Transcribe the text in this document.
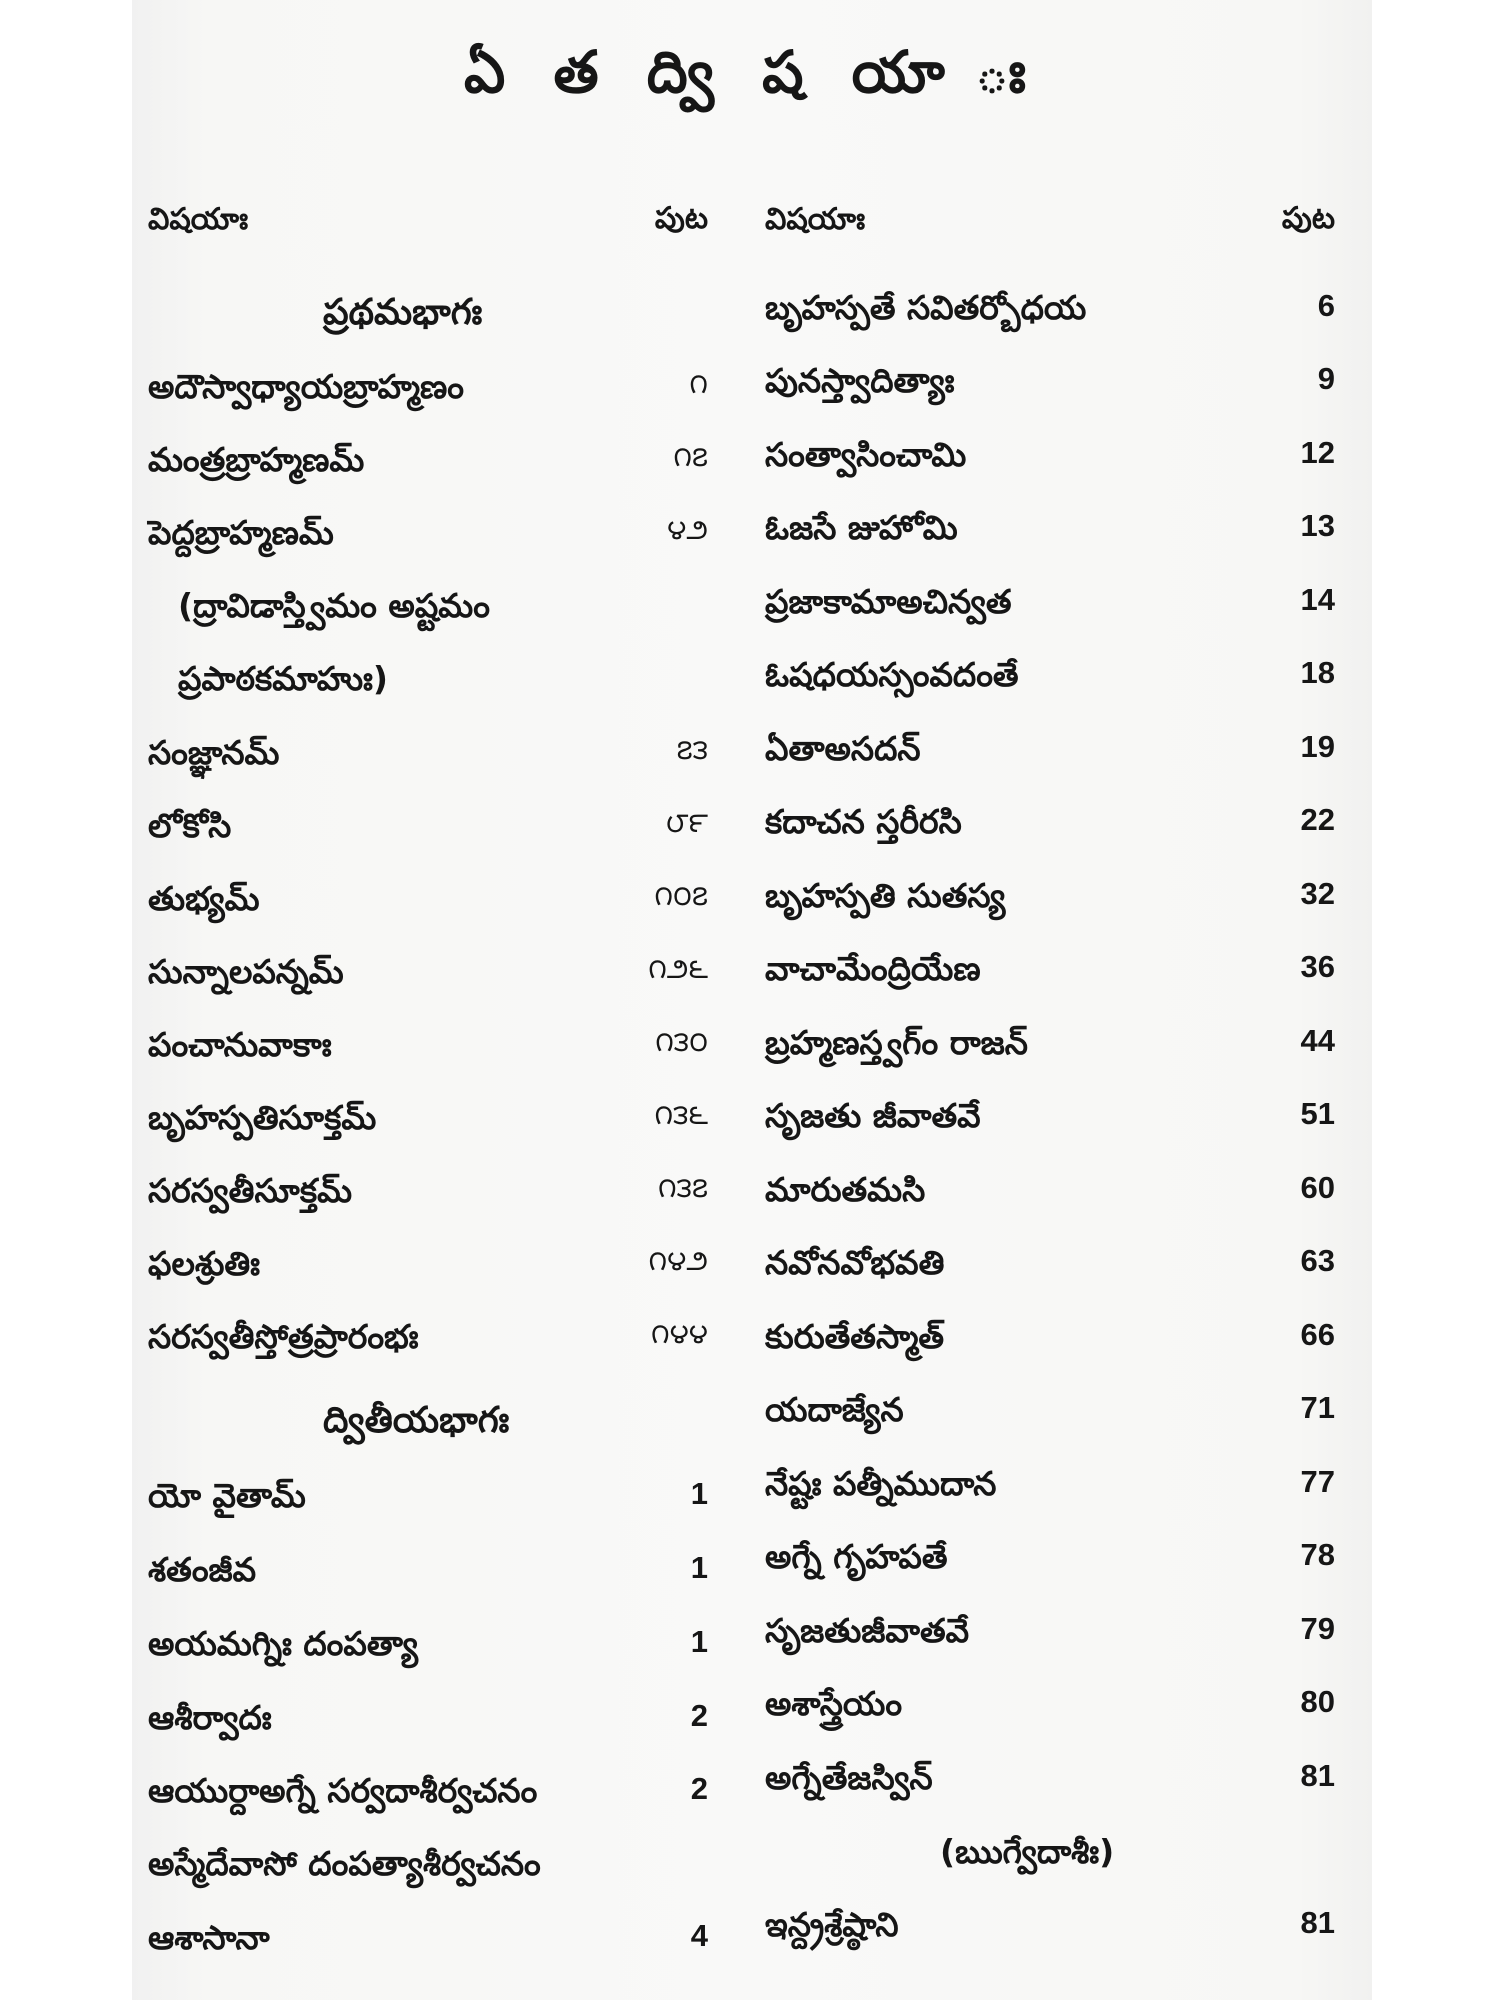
ఏ త ద్వి ష యా ః
విషయాః	పుట
ప్రథమభాగః
అదౌస్వాధ్యాయబ్రాహ్మణం	౧
మంత్రబ్రాహ్మణమ్	౧౭
పెద్దబ్రాహ్మణమ్	౪౨
(ద్రావిడాస్త్విమం అష్టమం
ప్రపాఠకమాహుః)
సంజ్ఞానమ్	౭౩
లోకోసి	౮౯
తుభ్యమ్	౧౦౭
సున్నాలపన్నమ్	౧౨౬
పంచానువాకాః	౧౩౦
బృహస్పతిసూక్తమ్	౧౩౬
సరస్వతీసూక్తమ్	౧౩౭
ఫలశ్రుతిః	౧౪౨
సరస్వతీస్తోత్రప్రారంభః	౧౪౪
ద్వితీయభాగః
యో వైతామ్	1
శతంజీవ	1
అయమగ్నిః దంపత్యా	1
ఆశీర్వాదః	2
ఆయుర్దాఅగ్నే సర్వదాశీర్వచనం	2
అస్మేదేవాసో దంపత్యాశీర్వచనం
ఆశాసానా	4
విషయాః	పుట
బృహస్పతే సవితర్బోధయ	6
పునస్త్వాదిత్యాః	9
సంత్వాసించామి	12
ఓజసే జుహోమి	13
ప్రజాకామాఅచిన్వత	14
ఓషధయస్సంవదంతే	18
ఏతాఅసదన్	19
కదాచన స్తరీరసి	22
బృహస్పతి సుతస్య	32
వాచామేంద్రియేణ	36
బ్రహ్మణస్త్వగ్ం రాజన్	44
సృజతు జీవాతవే	51
మారుతమసి	60
నవోనవోభవతి	63
కురుతేతస్మాత్	66
యదాజ్యేన	71
నేష్టః పత్నీముదాన	77
అగ్నే గృహపతే	78
సృజతుజీవాతవే	79
అశాస్త్రేయం	80
అగ్నేతేజస్విన్	81
(ఋగ్వేదాశీః)
ఇన్ద్రశ్రేష్ఠాని	81
